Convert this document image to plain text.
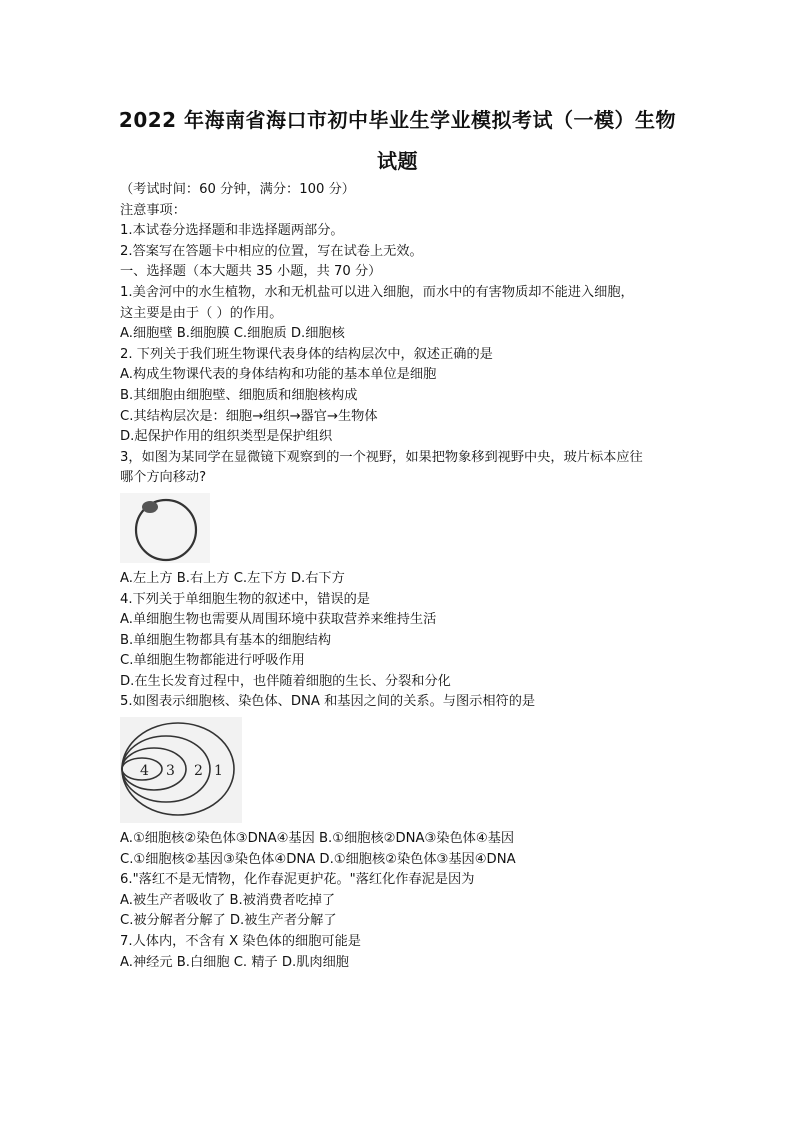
2022 年海南省海口市初中毕业生学业模拟考试（一模）生物
试题
（考试时间：60 分钟，满分：100 分）
注意事项：
1.本试卷分选择题和非选择题两部分。
2.答案写在答题卡中相应的位置，写在试卷上无效。
一、选择题（本大题共 35 小题，共 70 分）
1.美舍河中的水生植物，水和无机盐可以进入细胞，而水中的有害物质却不能进入细胞，
这主要是由于（ ）的作用。
A.细胞壁 B.细胞膜 C.细胞质 D.细胞核
2. 下列关于我们班生物课代表身体的结构层次中，叙述正确的是
A.构成生物课代表的身体结构和功能的基本单位是细胞
B.其细胞由细胞壁、细胞质和细胞核构成
C.其结构层次是：细胞→组织→器官→生物体
D.起保护作用的组织类型是保护组织
3，如图为某同学在显微镜下观察到的一个视野，如果把物象移到视野中央，玻片标本应往
哪个方向移动?
A.左上方 B.右上方 C.左下方 D.右下方
4.下列关于单细胞生物的叙述中，错误的是
A.单细胞生物也需要从周围环境中获取营养来维持生活
B.单细胞生物都具有基本的细胞结构
C.单细胞生物都能进行呼吸作用
D.在生长发育过程中，也伴随着细胞的生长、分裂和分化
5.如图表示细胞核、染色体、DNA 和基因之间的关系。与图示相符的是
4 3 2 1
A.①细胞核②染色体③DNA④基因 B.①细胞核②DNA③染色体④基因
C.①细胞核②基因③染色体④DNA D.①细胞核②染色体③基因④DNA
6."落红不是无情物，化作春泥更护花。"落红化作春泥是因为
A.被生产者吸收了 B.被消费者吃掉了
C.被分解者分解了 D.被生产者分解了
7.人体内，不含有 X 染色体的细胞可能是
A.神经元 B.白细胞 C. 精子 D.肌肉细胞
